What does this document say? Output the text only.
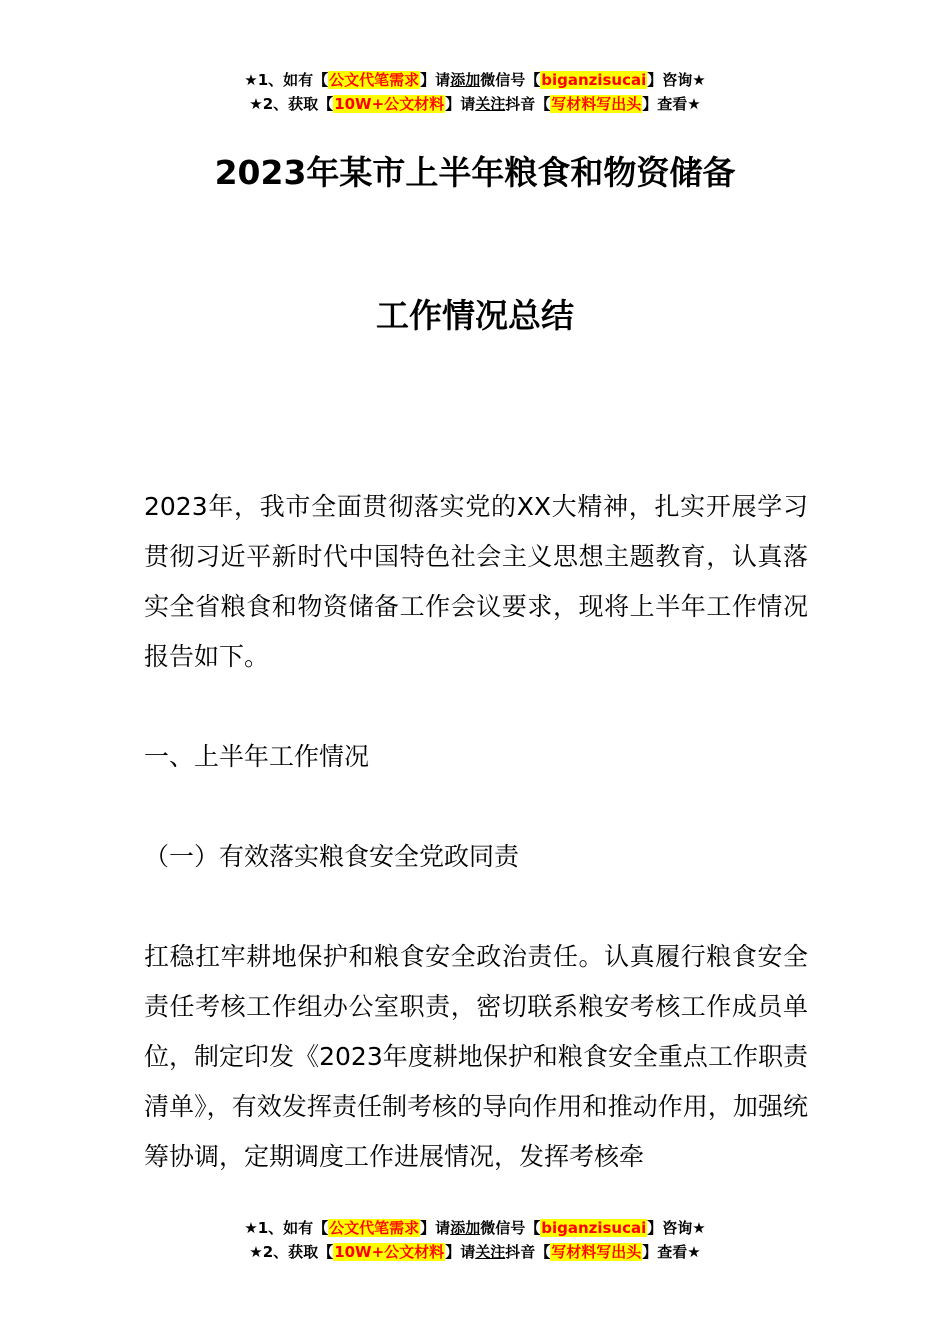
★1、如有【公文代笔需求】请添加微信号【biganzisucai】咨询★
★2、获取【10W+公文材料】请关注抖音【写材料写出头】查看★
2023年某市上半年粮食和物资储备
工作情况总结

2023年，我市全面贯彻落实党的XX大精神，扎实开展学习贯彻习近平新时代中国特色社会主义思想主题教育，认真落实全省粮食和物资储备工作会议要求，现将上半年工作情况报告如下。

一、上半年工作情况

（一）有效落实粮食安全党政同责

扛稳扛牢耕地保护和粮食安全政治责任。认真履行粮食安全责任考核工作组办公室职责，密切联系粮安考核工作成员单位，制定印发《2023年度耕地保护和粮食安全重点工作职责清单》，有效发挥责任制考核的导向作用和推动作用，加强统筹协调，定期调度工作进展情况，发挥考核牵

★1、如有【公文代笔需求】请添加微信号【biganzisucai】咨询★
★2、获取【10W+公文材料】请关注抖音【写材料写出头】查看★
